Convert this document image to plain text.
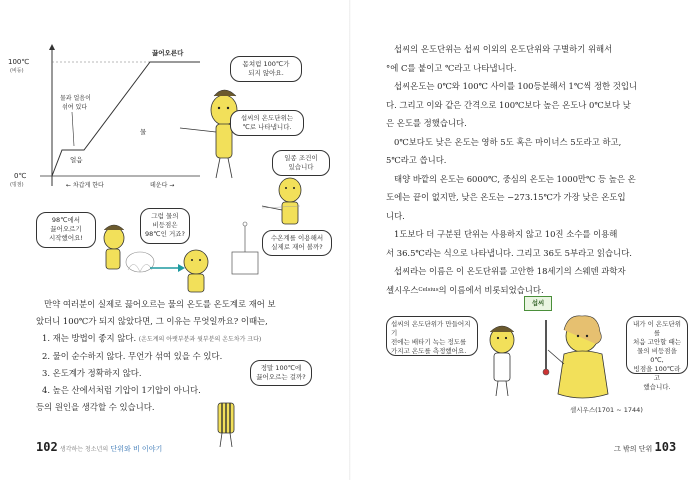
100℃
(비등)
0℃
(빙점)
끓어오른다
물과 얼음이 섞여 있다
얼음
물
← 차갑게 한다	데운다 →
몸쳐럼 100℃가
되지 않아요.
섭씨의 온도단위는
℃로 나타냅니다.
일종 조건이
있습니다
98℃에서
끓어오르기
시작했어요!
그럼 물의
비등점은
98℃인 거죠?	수온계를 이용해서
실제로 재어 볼까?
정말 100℃에
끓어오르는 걸까?

만약 여러분이 실제로 끓어오르는 물의 온도를 온도계로 재어 보

았더니 100℃가 되지 않았다면, 그 이유는 무엇일까요? 이때는,

1. 재는 방법이 좋지 않다. (온도계의 아랫부분과 윗부분의 온도차가 크다)

2. 물이 순수하지 않다. 무언가 섞여 있을 수 있다.

3. 온도계가 정확하지 않다.

4. 높은 산에서처럼 기압이 1기압이 아니다.

등의 원인을 생각할 수 있습니다.

102 생각하는 청소년의 단위와 비 이야기

섭씨의 온도단위는 섭씨 이외의 온도단위와 구별하기 위해서

°에 C를 붙이고 ℃라고 나타냅니다.

섭씨온도는 0℃와 100℃ 사이를 100등분해서 1℃씩 정한 것입니

다. 그리고 이와 같은 간격으로 100℃보다 높은 온도나 0℃보다 낮

은 온도를 정했습니다.

0℃보다도 낮은 온도는 영하 5도 혹은 마이너스 5도라고 하고,

5℃라고 씁니다.

태양 바깥의 온도는 6000℃, 중심의 온도는 1000만℃ 등 높은 온

도에는 끝이 없지만, 낮은 온도는 −273.15℃가 가장 낮은 온도입

니다.

1도보다 더 구분된 단위는 사용하지 않고 10진 소수를 이용해

서 36.5℃라는 식으로 나타냅니다. 그리고 36도 5부라고 읽습니다.

섭씨라는 이름은 이 온도단위를 고안한 18세기의 스웨덴 과학자

셀시우스$^{Celsius}$의 이름에서 비롯되었습니다.

섭씨
섭씨의 온도단위가 만들어지기
전에는 배타기 녹는 정도를
가지고 온도를 측정했어요.
내가 이 온도단위를
처음 고안할 때는
물의 비등점을 0℃,
빙점을 100℃라고
했습니다.
셀시우스(1701 ~ 1744)
그 밖의 단위 103
